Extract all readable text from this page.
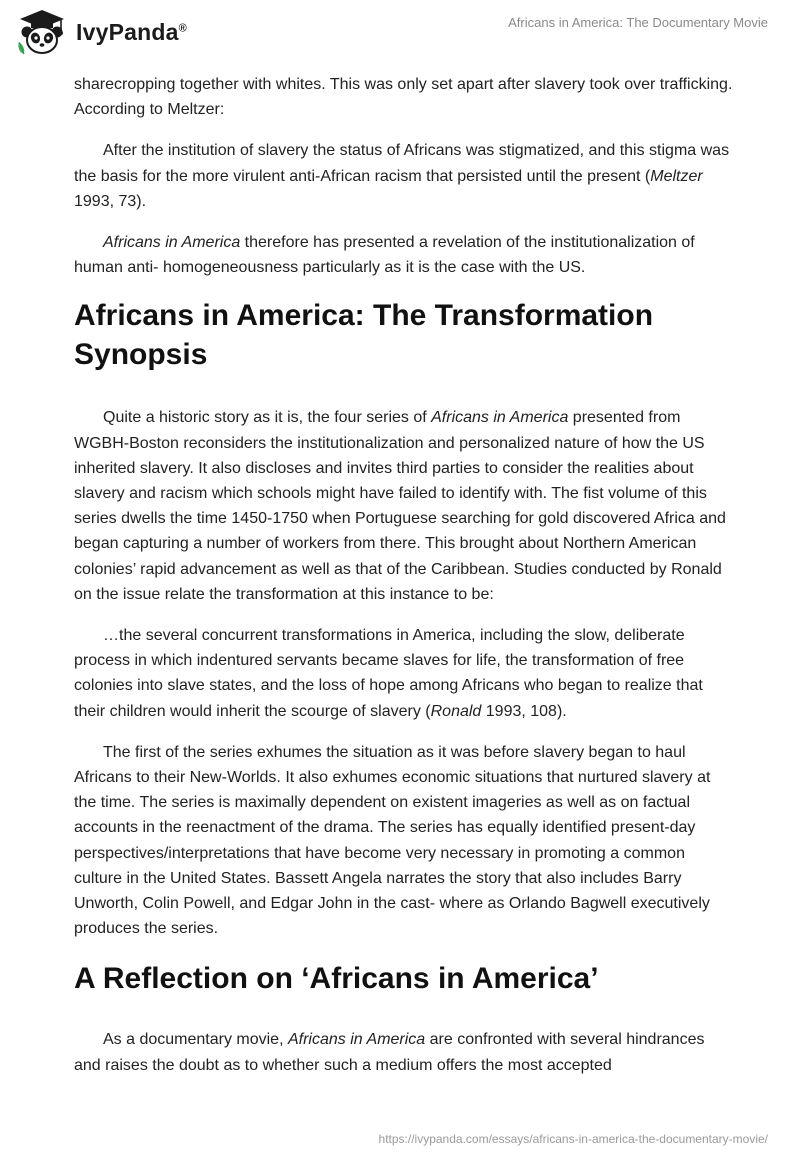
IvyPanda®	Africans in America: The Documentary Movie

sharecropping together with whites. This was only set apart after slavery took over trafficking. According to Meltzer:

After the institution of slavery the status of Africans was stigmatized, and this stigma was the basis for the more virulent anti-African racism that persisted until the present (Meltzer 1993, 73).

Africans in America therefore has presented a revelation of the institutionalization of human anti- homogeneousness particularly as it is the case with the US.

Africans in America: The Transformation Synopsis

Quite a historic story as it is, the four series of Africans in America presented from WGBH-Boston reconsiders the institutionalization and personalized nature of how the US inherited slavery. It also discloses and invites third parties to consider the realities about slavery and racism which schools might have failed to identify with. The fist volume of this series dwells the time 1450-1750 when Portuguese searching for gold discovered Africa and began capturing a number of workers from there. This brought about Northern American colonies’ rapid advancement as well as that of the Caribbean. Studies conducted by Ronald on the issue relate the transformation at this instance to be:

…the several concurrent transformations in America, including the slow, deliberate process in which indentured servants became slaves for life, the transformation of free colonies into slave states, and the loss of hope among Africans who began to realize that their children would inherit the scourge of slavery (Ronald 1993, 108).

The first of the series exhumes the situation as it was before slavery began to haul Africans to their New-Worlds. It also exhumes economic situations that nurtured slavery at the time. The series is maximally dependent on existent imageries as well as on factual accounts in the reenactment of the drama. The series has equally identified present-day perspectives/interpretations that have become very necessary in promoting a common culture in the United States. Bassett Angela narrates the story that also includes Barry Unworth, Colin Powell, and Edgar John in the cast- where as Orlando Bagwell executively produces the series.

A Reflection on ‘Africans in America’

As a documentary movie, Africans in America are confronted with several hindrances and raises the doubt as to whether such a medium offers the most accepted

https://ivypanda.com/essays/africans-in-america-the-documentary-movie/
